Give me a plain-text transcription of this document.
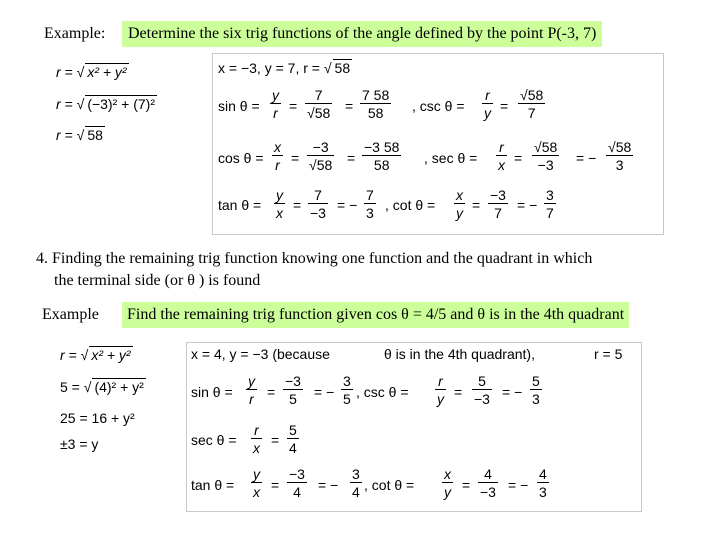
Example:	Determine the six trig functions of the angle defined by the point P(-3, 7)
r = √ x² + y²
r = √ (−3)² + (7)²
r = √ 58
x = −3, y = 7, r = √ 58
sin θ =
y
r =
7
√58 =
7 58
58	, csc θ =
r
y =
√58
7
cos θ =
x
r =
−3
√58 =
−3 58
58	, sec θ =
r
x =
√58
−3	= −
√58
3
tan θ =
y
x =
7
−3 = −
7
3 , cot θ =
x
y =
−3
7	= −
3
7
4. Finding the remaining trig function knowing one function and the quadrant in which
the terminal side (or θ ) is found
Example	Find the remaining trig function given cos θ = 4/5 and θ is in the 4th quadrant
r = √ x² + y²
5 = √ (4)² + y²
25 = 16 + y²
±3 = y
x = 4, y = −3 (because	θ is in the 4th quadrant),	r = 5
sin θ =
y
r =
−3
5	= −
3
5 , csc θ =
r
y =
5
−3 = −
5
3
sec θ =
r
x =
5
4
tan θ =
y
x =
−3
4	= −
3
4 , cot θ =
x
y =
4
−3 = −
4
3
